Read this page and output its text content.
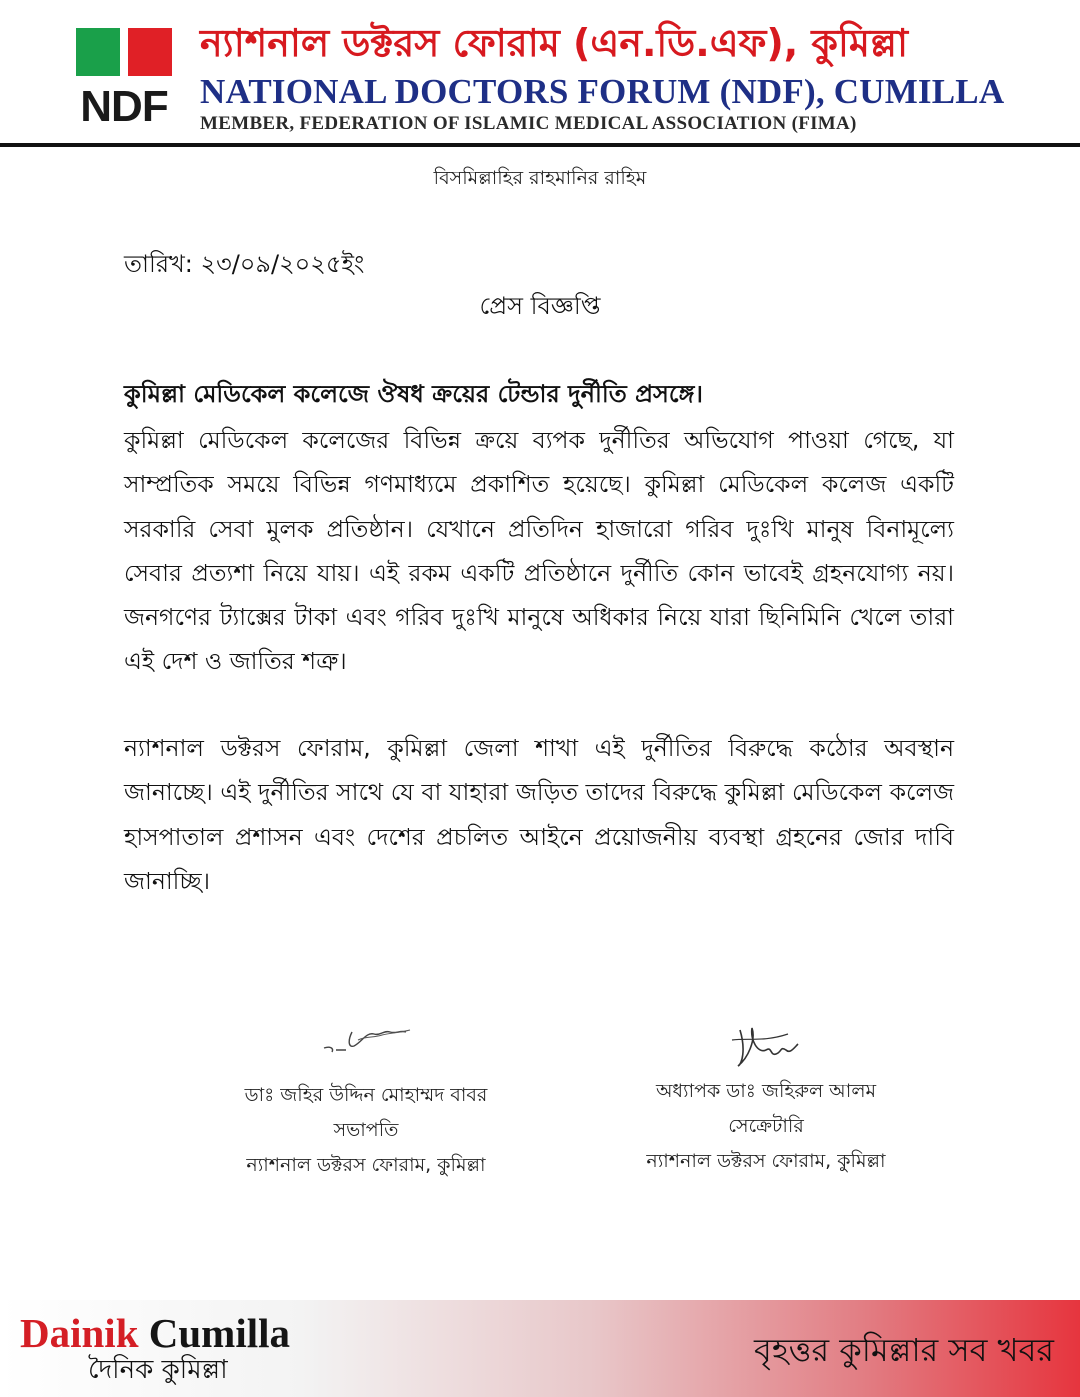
NDF
ন্যাশনাল ডক্টরস ফোরাম (এন.ডি.এফ), কুমিল্লা
NATIONAL DOCTORS FORUM (NDF), CUMILLA
MEMBER, FEDERATION OF ISLAMIC MEDICAL ASSOCIATION (FIMA)
বিসমিল্লাহির রাহমানির রাহিম
তারিখ: ২৩/০৯/২০২৫ইং
প্রেস বিজ্ঞপ্তি
কুমিল্লা মেডিকেল কলেজে ঔষধ ক্রয়ের টেন্ডার দুর্নীতি প্রসঙ্গে।
কুমিল্লা মেডিকেল কলেজের বিভিন্ন ক্রয়ে ব্যপক দুর্নীতির অভিযোগ পাওয়া গেছে, যা সাম্প্রতিক সময়ে বিভিন্ন গণমাধ্যমে প্রকাশিত হয়েছে। কুমিল্লা মেডিকেল কলেজ একটি সরকারি সেবা মুলক প্রতিষ্ঠান। যেখানে প্রতিদিন হাজারো গরিব দুঃখি মানুষ বিনামূল্যে সেবার প্রত্যশা নিয়ে যায়। এই রকম একটি প্রতিষ্ঠানে দুর্নীতি কোন ভাবেই গ্রহনযোগ্য নয়। জনগণের ট্যাক্সের টাকা এবং গরিব দুঃখি মানুষে অধিকার নিয়ে যারা ছিনিমিনি খেলে তারা এই দেশ ও জাতির শত্রু।
ন্যাশনাল ডক্টরস ফোরাম, কুমিল্লা জেলা শাখা এই দুর্নীতির বিরুদ্ধে কঠোর অবস্থান জানাচ্ছে। এই দুর্নীতির সাথে যে বা যাহারা জড়িত তাদের বিরুদ্ধে কুমিল্লা মেডিকেল কলেজ হাসপাতাল প্রশাসন এবং দেশের প্রচলিত আইনে প্রয়োজনীয় ব্যবস্থা গ্রহনের জোর দাবি জানাচ্ছি।
ডাঃ জহির উদ্দিন মোহাম্মদ বাবর
সভাপতি
ন্যাশনাল ডক্টরস ফোরাম, কুমিল্লা
অধ্যাপক ডাঃ জহিরুল আলম
সেক্রেটারি
ন্যাশনাল ডক্টরস ফোরাম, কুমিল্লা
Dainik Cumilla
দৈনিক কুমিল্লা
বৃহত্তর কুমিল্লার সব খবর
